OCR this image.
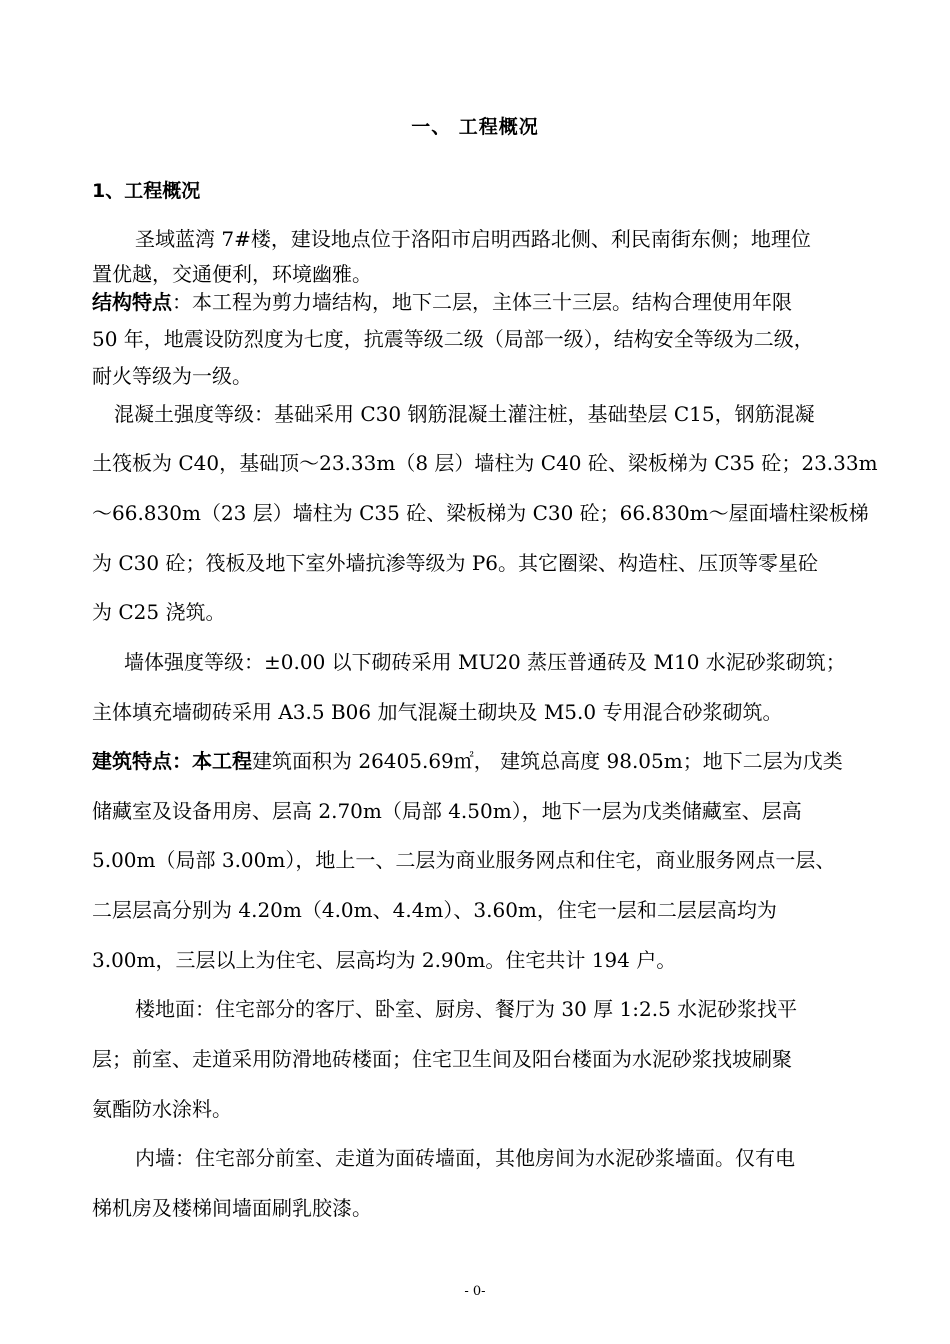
一、 工程概况
1、工程概况
圣域蓝湾 7#楼，建设地点位于洛阳市启明西路北侧、利民南街东侧；地理位
置优越，交通便利，环境幽雅。
结构特点：本工程为剪力墙结构，地下二层，主体三十三层。结构合理使用年限
50 年，地震设防烈度为七度，抗震等级二级（局部一级），结构安全等级为二级，
耐火等级为一级。
混凝土强度等级：基础采用 C30 钢筋混凝土灌注桩，基础垫层 C15，钢筋混凝
土筏板为 C40，基础顶～23.33m（8 层）墙柱为 C40 砼、梁板梯为 C35 砼；23.33m
～66.830m（23 层）墙柱为 C35 砼、梁板梯为 C30 砼；66.830m～屋面墙柱梁板梯
为 C30 砼；筏板及地下室外墙抗渗等级为 P6。其它圈梁、构造柱、压顶等零星砼
为 C25 浇筑。
墙体强度等级：±0.00 以下砌砖采用 MU20 蒸压普通砖及 M10 水泥砂浆砌筑；
主体填充墙砌砖采用 A3.5 B06 加气混凝土砌块及 M5.0 专用混合砂浆砌筑。
建筑特点：本工程建筑面积为 26405.69㎡， 建筑总高度 98.05m；地下二层为戊类
储藏室及设备用房、层高 2.70m（局部 4.50m），地下一层为戊类储藏室、层高
5.00m（局部 3.00m），地上一、二层为商业服务网点和住宅，商业服务网点一层、
二层层高分别为 4.20m（4.0m、4.4m）、3.60m，住宅一层和二层层高均为
3.00m，三层以上为住宅、层高均为 2.90m。住宅共计 194 户。
楼地面：住宅部分的客厅、卧室、厨房、餐厅为 30 厚 1:2.5 水泥砂浆找平
层；前室、走道采用防滑地砖楼面；住宅卫生间及阳台楼面为水泥砂浆找坡刷聚
氨酯防水涂料。
内墙：住宅部分前室、走道为面砖墙面，其他房间为水泥砂浆墙面。仅有电
梯机房及楼梯间墙面刷乳胶漆。
- 0-
